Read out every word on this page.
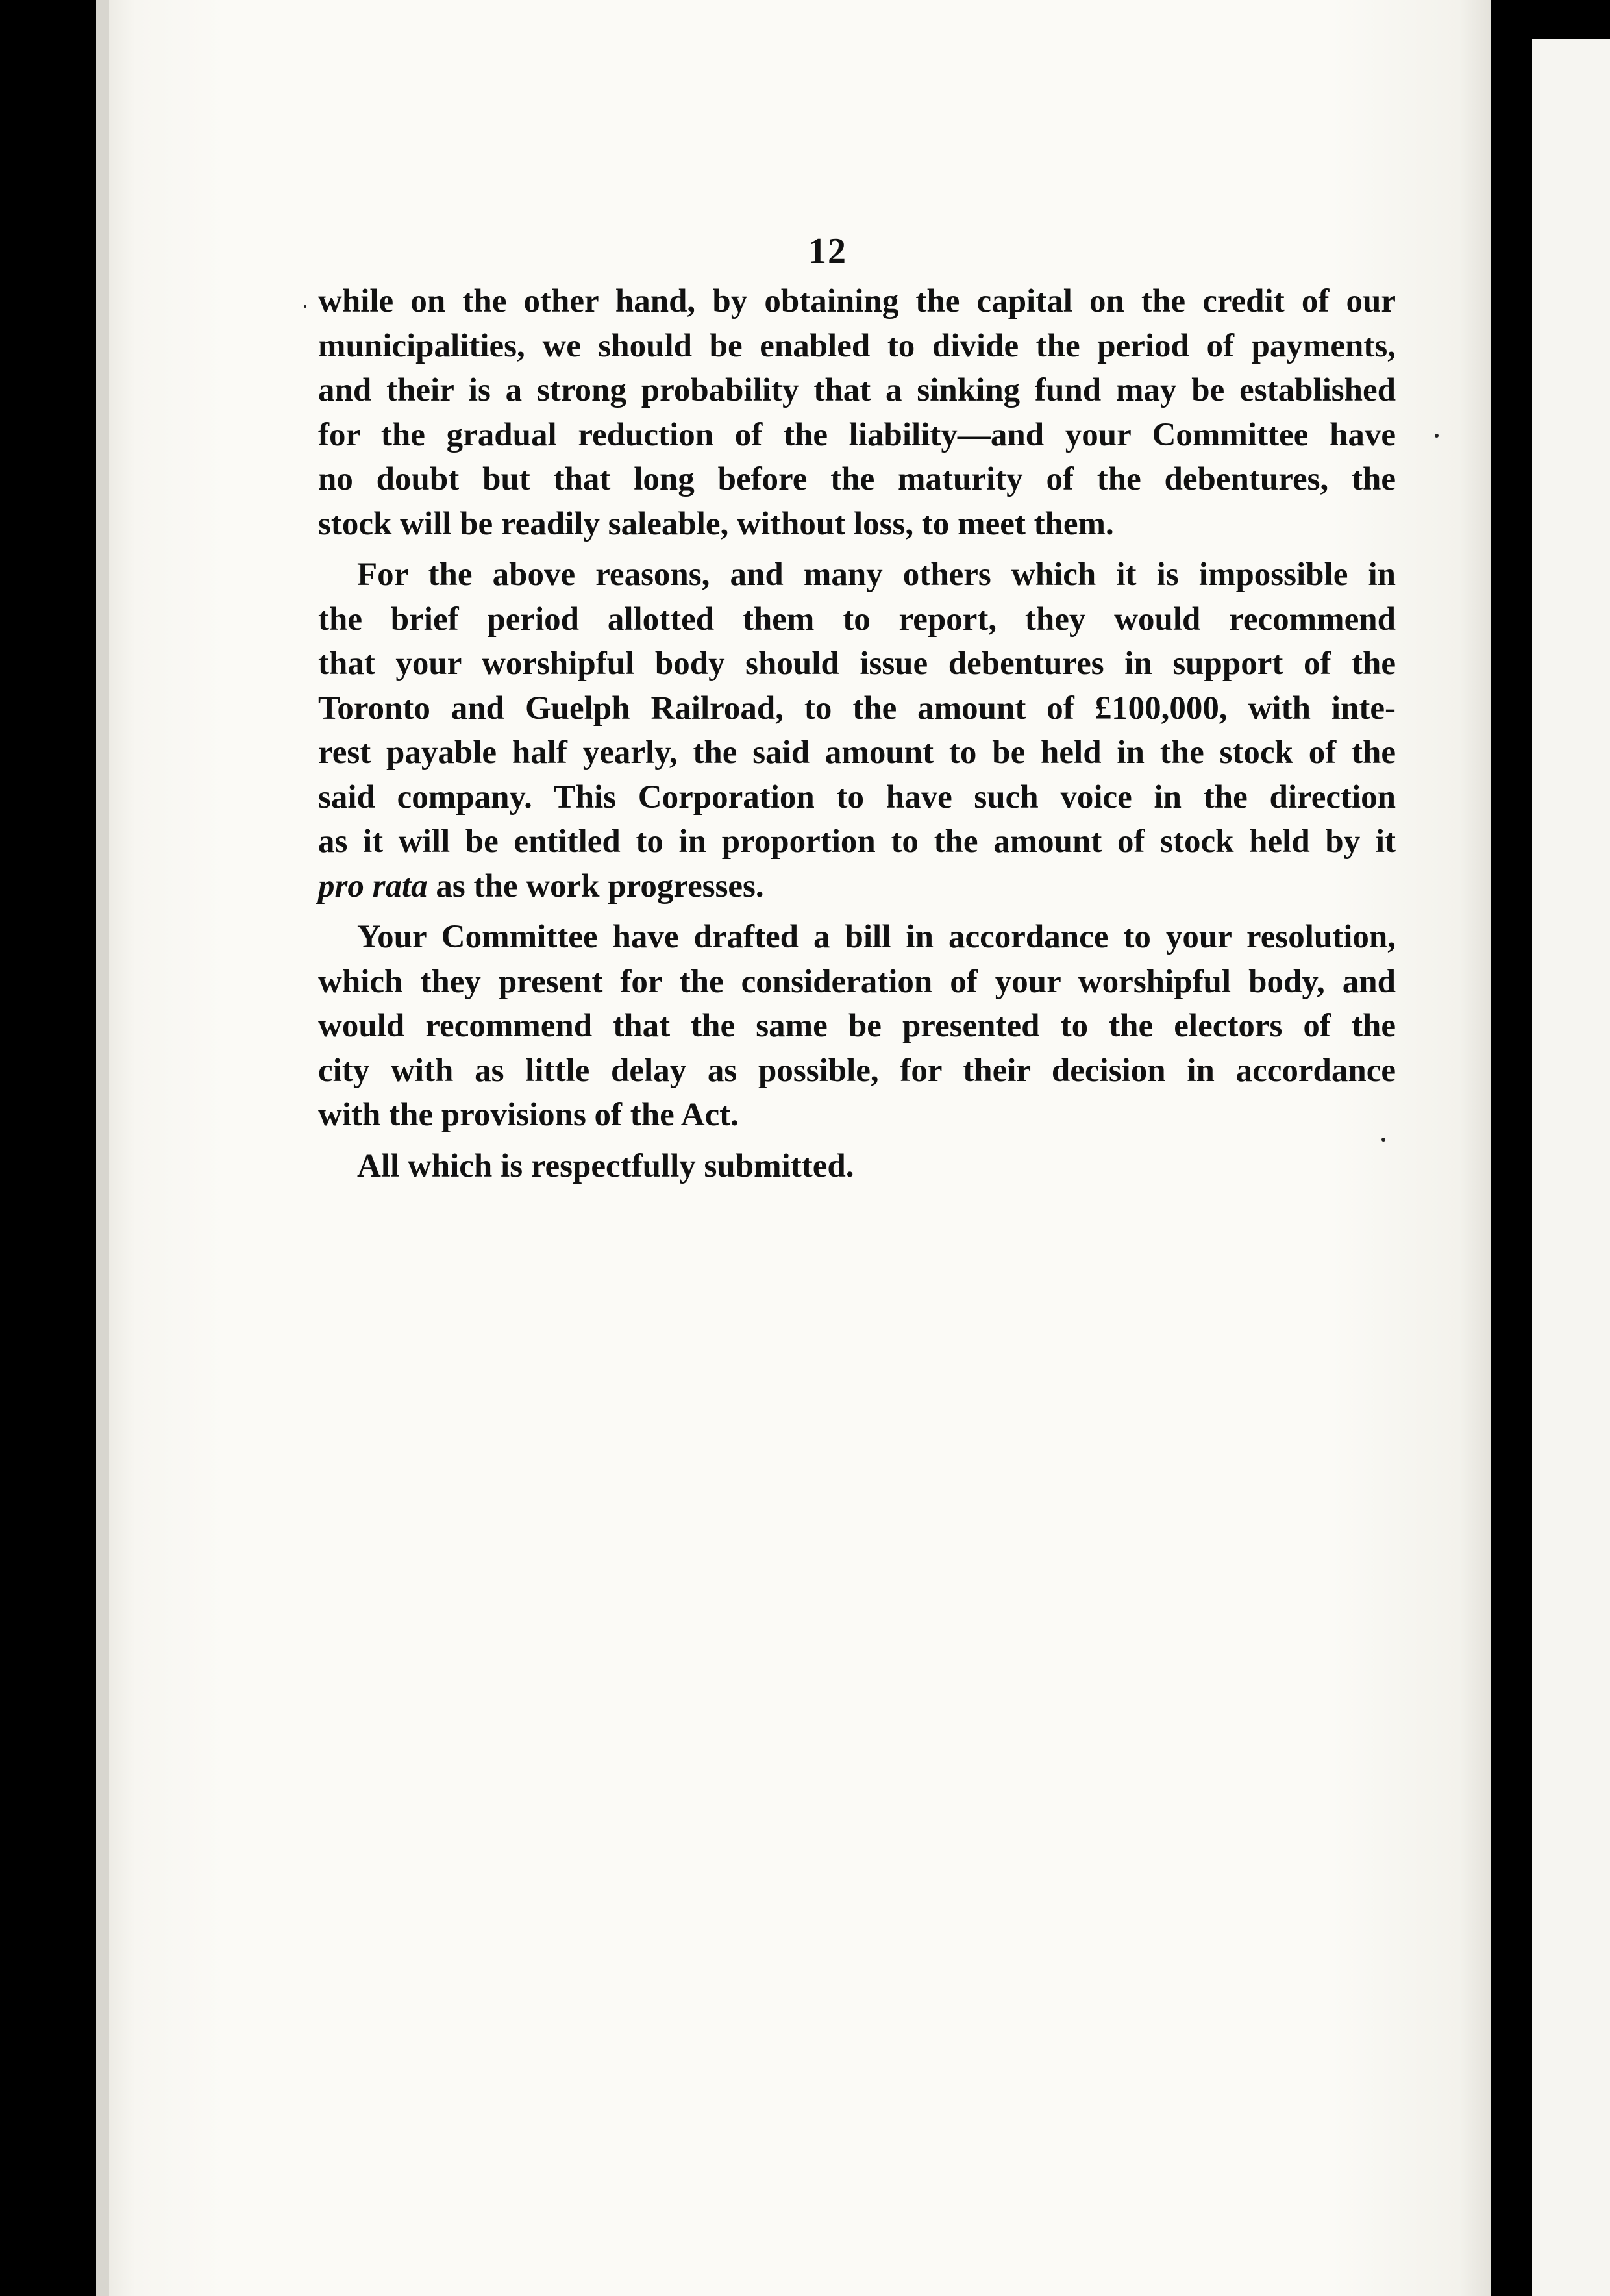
12

while on the other hand, by obtaining the capital on the credit of our
municipalities, we should be enabled to divide the period of payments,
and their is a strong probability that a sinking fund may be established
for the gradual reduction of the liability—and your Committee have
no doubt but that long before the maturity of the debentures, the
stock will be readily saleable, without loss, to meet them.

For the above reasons, and many others which it is impossible in
the brief period allotted them to report, they would recommend
that your worshipful body should issue debentures in support of the
Toronto and Guelph Railroad, to the amount of £100,000, with inte-
rest payable half yearly, the said amount to be held in the stock of the
said company. This Corporation to have such voice in the direction
as it will be entitled to in proportion to the amount of stock held by it
pro rata as the work progresses.

Your Committee have drafted a bill in accordance to your resolution,
which they present for the consideration of your worshipful body, and
would recommend that the same be presented to the electors of the
city with as little delay as possible, for their decision in accordance
with the provisions of the Act.

All which is respectfully submitted.
